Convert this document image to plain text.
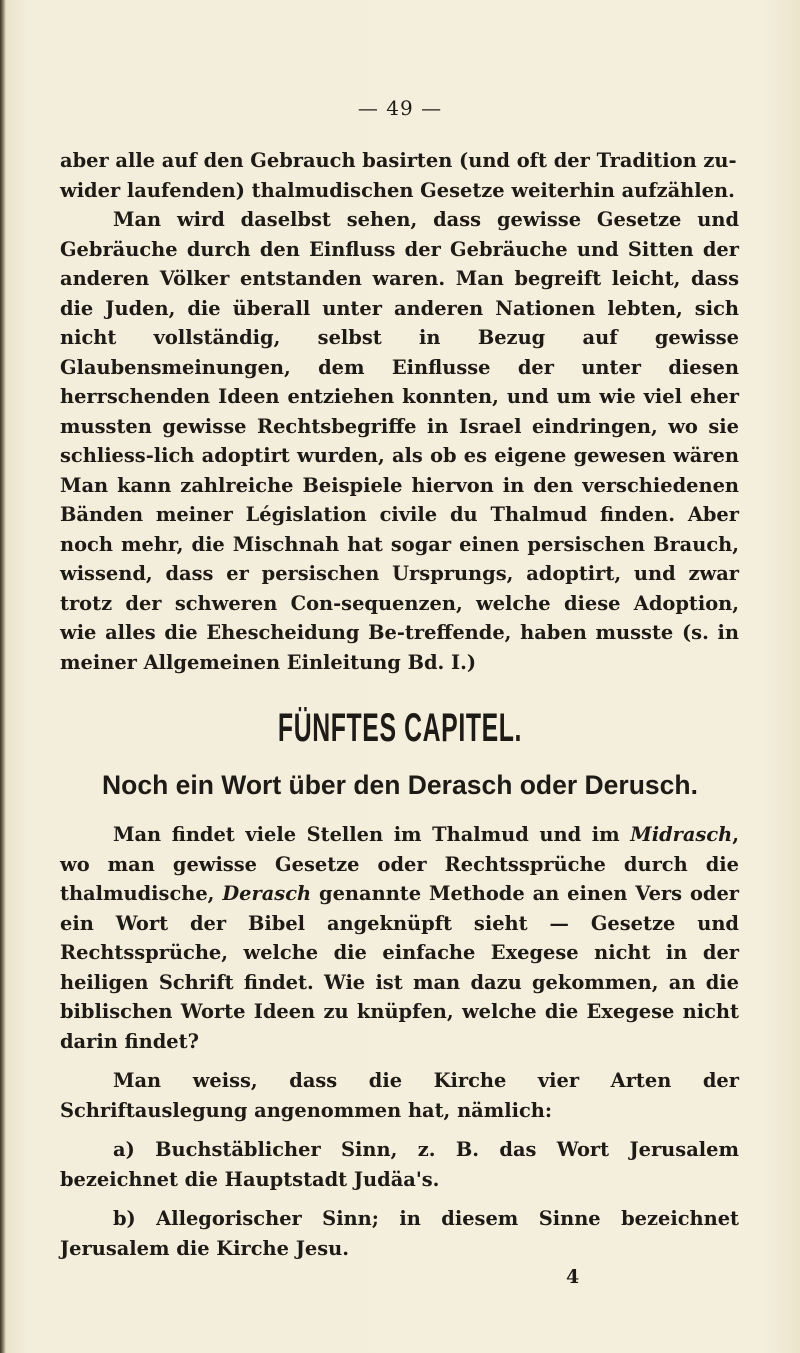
— 49 —

aber alle auf den Gebrauch basirten (und oft der Tradition zu-
wider laufenden) thalmudischen Gesetze weiterhin aufzählen.

Man wird daselbst sehen, dass gewisse Gesetze und Gebräuche durch den Einfluss der Gebräuche und Sitten der anderen Völker entstanden waren. Man begreift leicht, dass die Juden, die überall unter anderen Nationen lebten, sich nicht vollständig, selbst in Bezug auf gewisse Glaubensmeinungen, dem Einflusse der unter diesen herrschenden Ideen entziehen konnten, und um wie viel eher mussten gewisse Rechtsbegriffe in Israel eindringen, wo sie schliess-lich adoptirt wurden, als ob es eigene gewesen wären Man kann zahlreiche Beispiele hiervon in den verschiedenen Bänden meiner Législation civile du Thalmud finden. Aber noch mehr, die Mischnah hat sogar einen persischen Brauch, wissend, dass er persischen Ursprungs, adoptirt, und zwar trotz der schweren Con-sequenzen, welche diese Adoption, wie alles die Ehescheidung Be-treffende, haben musste (s. in meiner Allgemeinen Einleitung Bd. I.)

FÜNFTES CAPITEL.
Noch ein Wort über den Derasch oder Derusch.

Man findet viele Stellen im Thalmud und im Midrasch, wo man gewisse Gesetze oder Rechtssprüche durch die thalmudische, Derasch genannte Methode an einen Vers oder ein Wort der Bibel angeknüpft sieht — Gesetze und Rechtssprüche, welche die einfache Exegese nicht in der heiligen Schrift findet. Wie ist man dazu gekommen, an die biblischen Worte Ideen zu knüpfen, welche die Exegese nicht darin findet?

Man weiss, dass die Kirche vier Arten der Schriftauslegung angenommen hat, nämlich:

a) Buchstäblicher Sinn, z. B. das Wort Jerusalem bezeichnet die Hauptstadt Judäa's.

b) Allegorischer Sinn; in diesem Sinne bezeichnet Jerusalem die Kirche Jesu.

4
